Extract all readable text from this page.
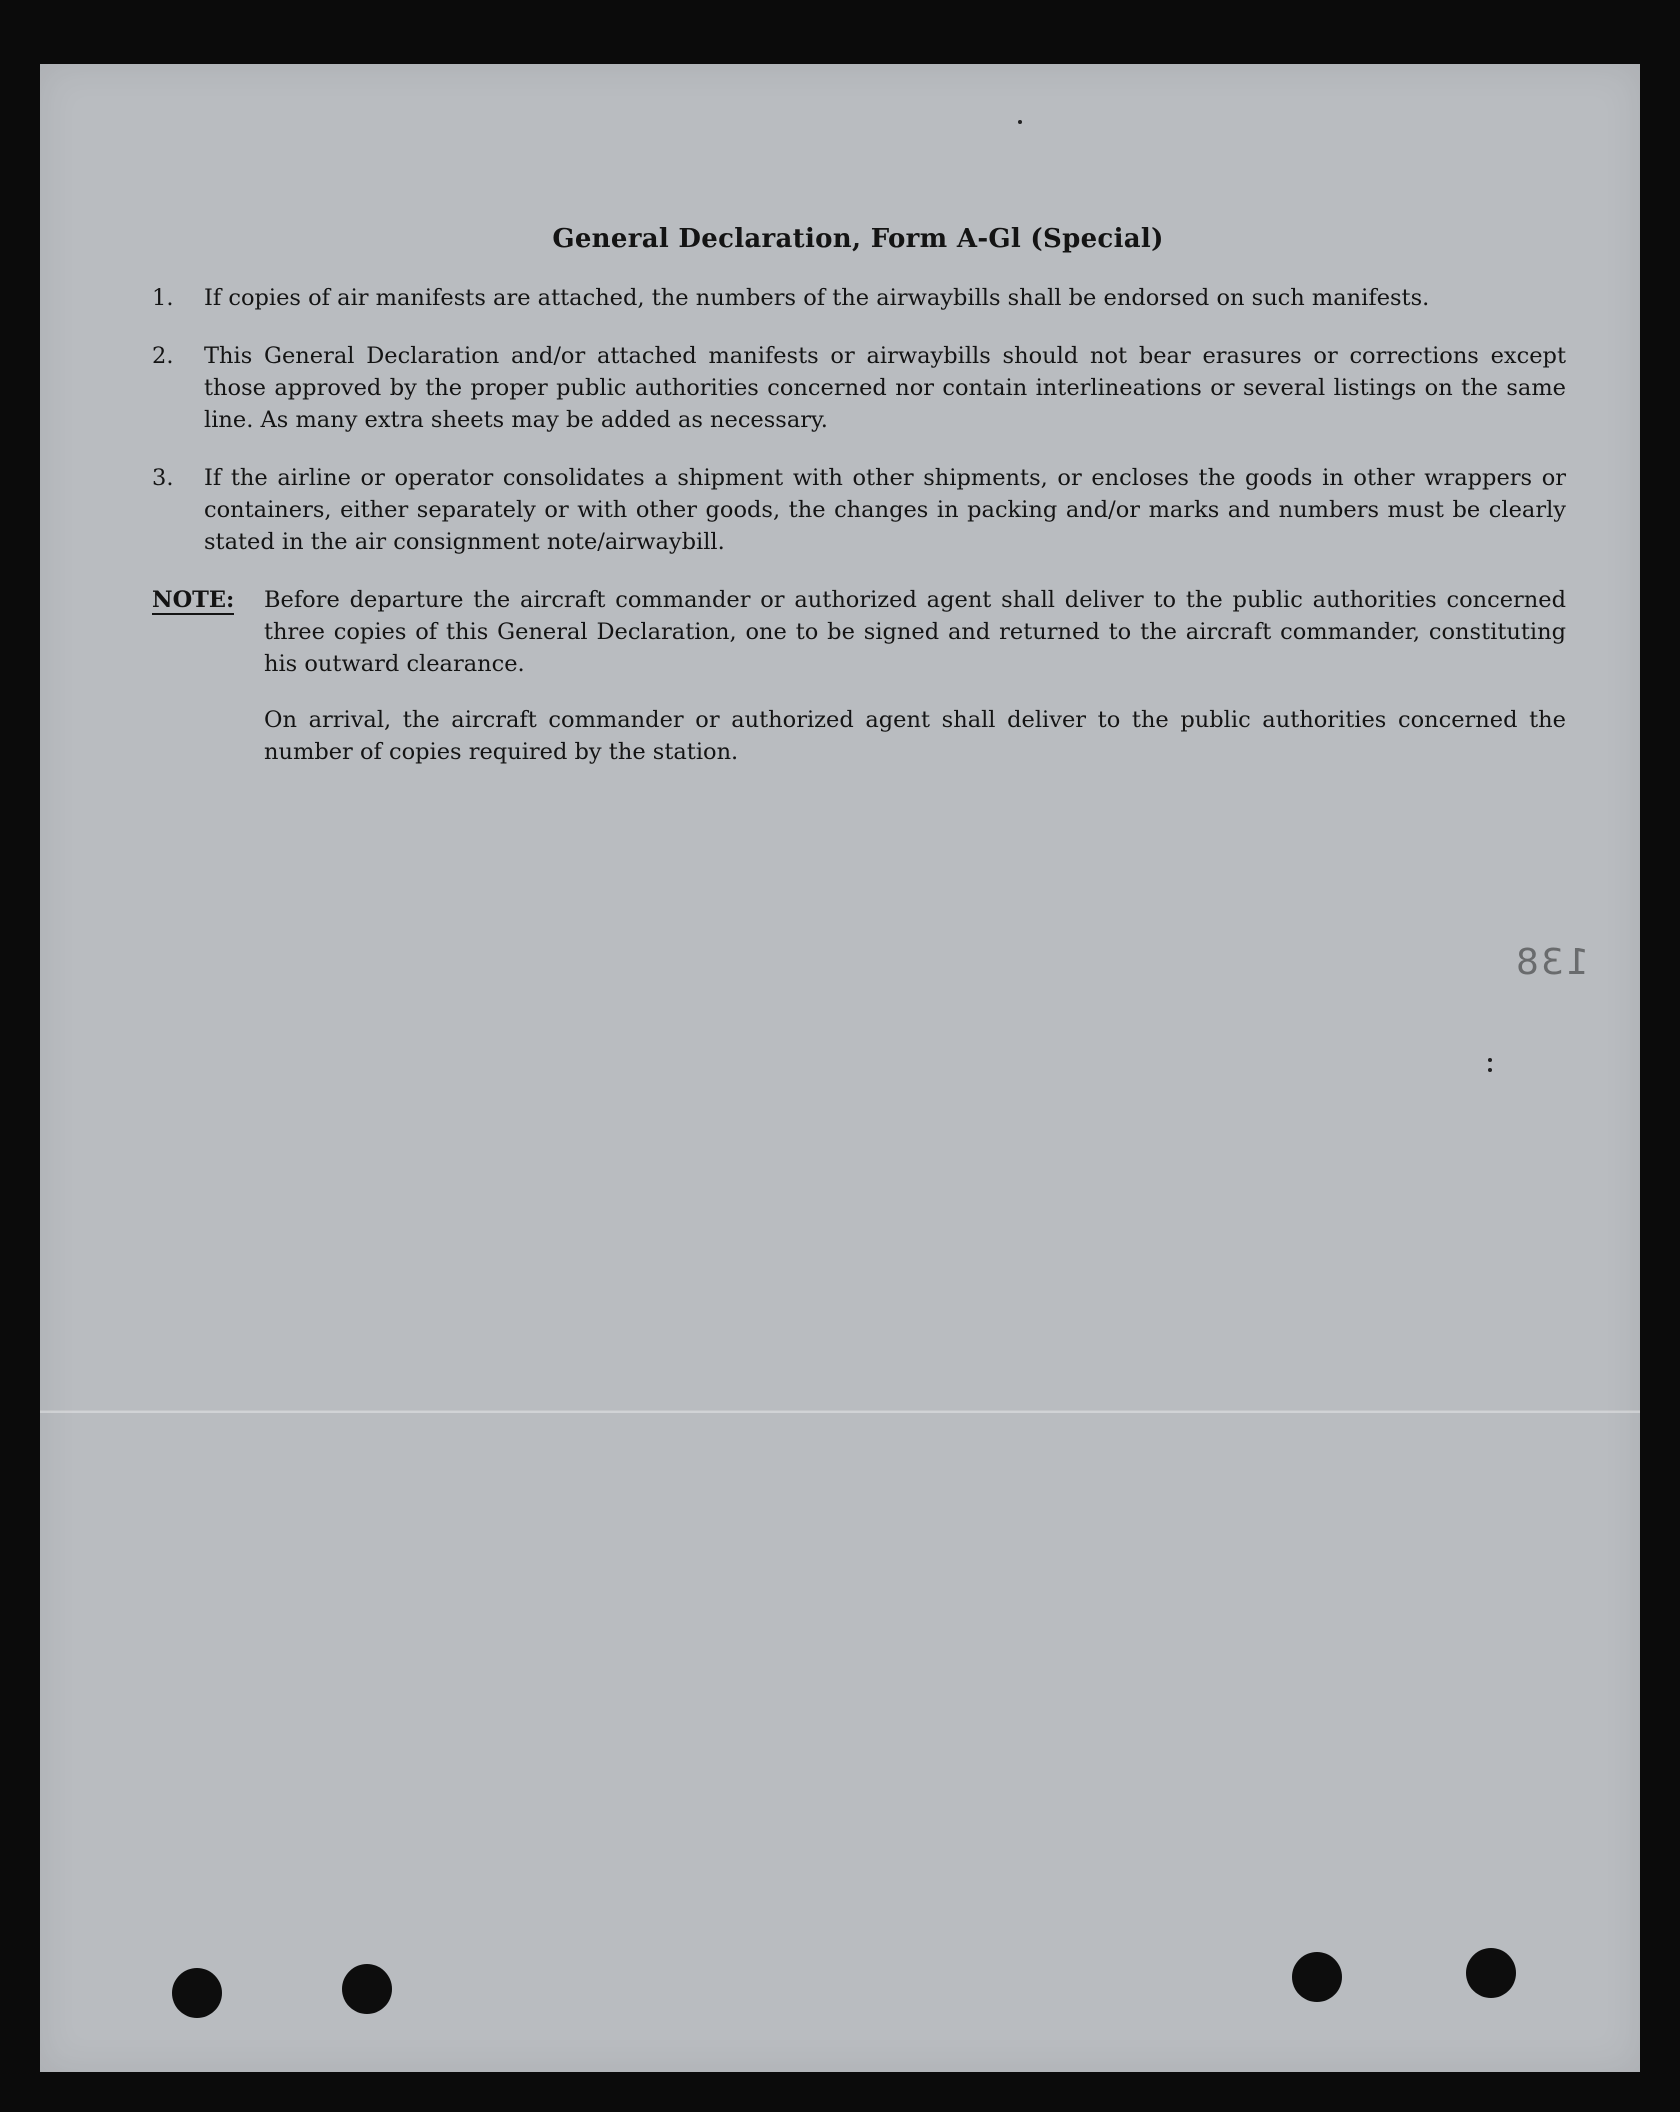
General Declaration, Form A-Gl (Special)
1.	If copies of air manifests are attached, the numbers of the airwaybills shall be endorsed on such manifests.
2.	This General Declaration and/or attached manifests or airwaybills should not bear erasures or corrections except those approved by the proper public authorities concerned nor contain interlineations or several listings on the same line. As many extra sheets may be added as necessary.
3.	If the airline or operator consolidates a shipment with other shipments, or encloses the goods in other wrappers or containers, either separately or with other goods, the changes in packing and/or marks and numbers must be clearly stated in the air consignment note/airwaybill.
NOTE:	Before departure the aircraft commander or authorized agent shall deliver to the public authorities concerned three copies of this General Declaration, one to be signed and returned to the aircraft commander, constituting his outward clearance.

On arrival, the aircraft commander or authorized agent shall deliver to the public authorities concerned the number of copies required by the station.

138
